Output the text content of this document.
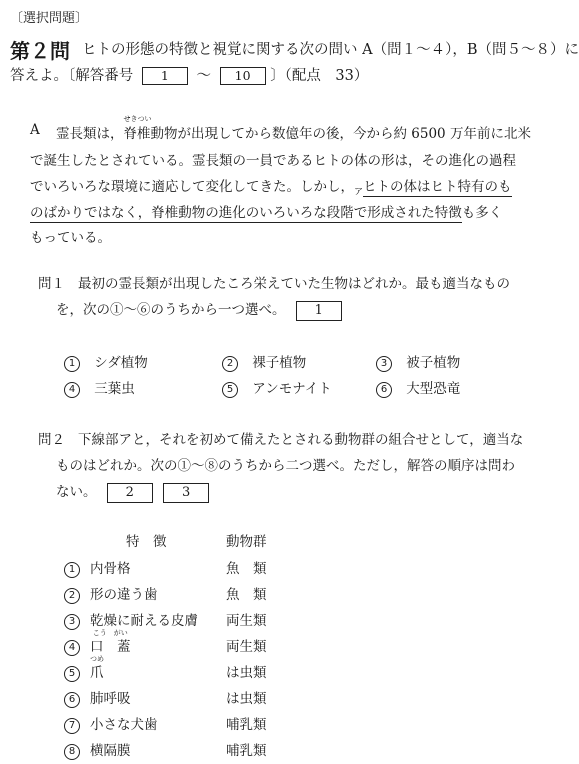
〔選択問題〕
第２問 ヒトの形態の特徴と視覚に関する次の問い A（問１～４），B（問５～８）に
答えよ。〔解答番号 1 ～ 10 〕（配点　33）
A 霊長類は，
せきつい
脊椎動物が出現してから数億年の後，今から約 6500 万年前に北米
で誕生したとされている。霊長類の一員であるヒトの体の形は，その進化の過程
でいろいろな環境に適応して変化してきた。しかし，$_ア$ヒトの体はヒト特有のも
のばかりではなく，脊椎動物の進化のいろいろな段階で形成された特徴も多く
もっている。
問１ 最初の霊長類が出現したころ栄えていた生物はどれか。最も適当なもの
を，次の①～⑥のうちから一つ選べ。 1
1 シダ植物	2 裸子植物	3 被子植物
4 三葉虫	5 アンモナイト	6 大型恐竜
問２ 下線部アと，それを初めて備えたとされる動物群の組合せとして，適当な
ものはどれか。次の①～⑧のうちから二つ選べ。ただし，解答の順序は問わ
ない。 2	3
特　徴	動物群
1 内骨格	魚　類
2 形の違う歯	魚　類
3 乾燥に耐える皮膚 両生類
4
こう　がい
口　蓋	両生類
5
つめ
爪	は虫類
6 肺呼吸	は虫類
7 小さな犬歯	哺乳類
8 横隔膜	哺乳類
